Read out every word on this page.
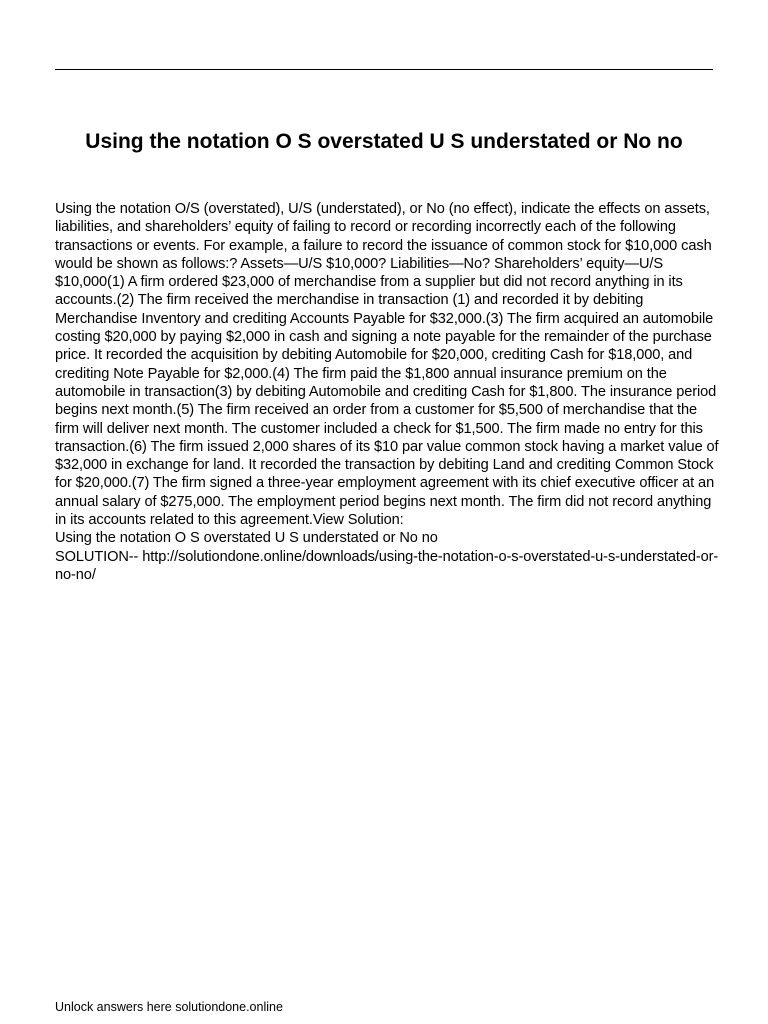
Using the notation O S overstated U S understated or No no

Using the notation O/S (overstated), U/S (understated), or No (no effect), indicate the effects on assets, liabilities, and shareholders’ equity of failing to record or recording incorrectly each of the following transactions or events. For example, a failure to record the issuance of common stock for $10,000 cash would be shown as follows:? Assets—U/S $10,000? Liabilities—No? Shareholders’ equity—U/S $10,000(1) A firm ordered $23,000 of merchandise from a supplier but did not record anything in its accounts.(2) The firm received the merchandise in transaction (1) and recorded it by debiting Merchandise Inventory and crediting Accounts Payable for $32,000.(3) The firm acquired an automobile costing $20,000 by paying $2,000 in cash and signing a note payable for the remainder of the purchase price. It recorded the acquisition by debiting Automobile for $20,000, crediting Cash for $18,000, and crediting Note Payable for $2,000.(4) The firm paid the $1,800 annual insurance premium on the automobile in transaction(3) by debiting Automobile and crediting Cash for $1,800. The insurance period begins next month.(5) The firm received an order from a customer for $5,500 of merchandise that the firm will deliver next month. The customer included a check for $1,500. The firm made no entry for this transaction.(6) The firm issued 2,000 shares of its $10 par value common stock having a market value of $32,000 in exchange for land. It recorded the transaction by debiting Land and crediting Common Stock for $20,000.(7) The firm signed a three-year employment agreement with its chief executive officer at an annual salary of $275,000. The employment period begins next month. The firm did not record anything in its accounts related to this agreement.View Solution:

Using the notation O S overstated U S understated or No no

SOLUTION-- http://solutiondone.online/downloads/using-the-notation-o-s-overstated-u-s-understated-or-no-no/

Unlock answers here solutiondone.online
